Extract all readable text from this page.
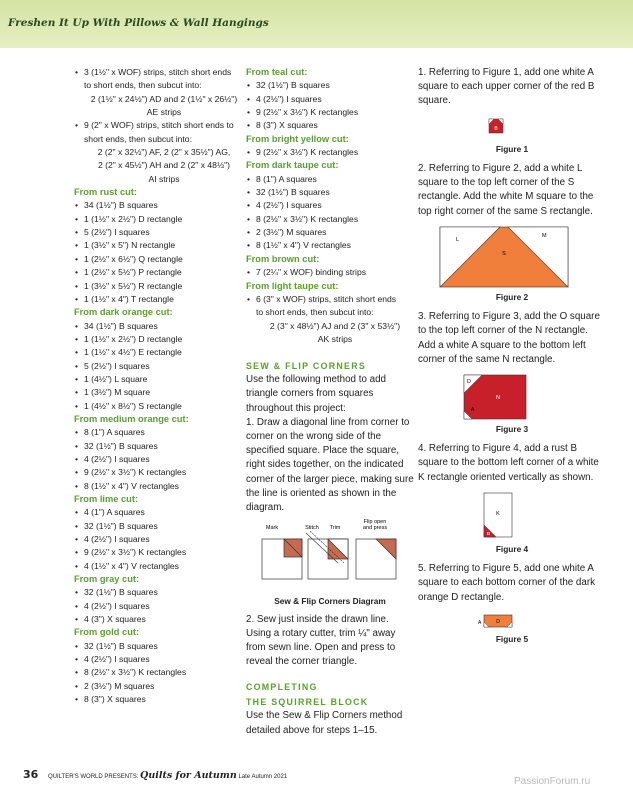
Freshen It Up With Pillows & Wall Hangings
• 3 (1½" x WOF) strips, stitch short ends
to short ends, then subcut into:
2 (1½" x 24½") AD and 2 (1½" x 26½")
AE strips
• 9 (2" x WOF) strips, stitch short ends to
short ends, then subcut into:
2 (2" x 32½") AF, 2 (2" x 35½") AG,
2 (2" x 45½") AH and 2 (2" x 48½")
AI strips
From rust cut:
• 34 (1½") B squares
• 1 (1½" x 2½") D rectangle
• 5 (2½") I squares
• 1 (3½" x 5") N rectangle
• 1 (2½" x 6½") Q rectangle
• 1 (2½" x 5½") P rectangle
• 1 (3½" x 5½") R rectangle
• 1 (1½" x 4") T rectangle
From dark orange cut:
• 34 (1½") B squares
• 1 (1½" x 2½") D rectangle
• 1 (1½" x 4½") E rectangle
• 5 (2½") I squares
• 1 (4½") L square
• 1 (3½") M square
• 1 (4½" x 8½") S rectangle
From medium orange cut:
• 8 (1") A squares
• 32 (1½") B squares
• 4 (2½") I squares
• 9 (2½" x 3½") K rectangles
• 8 (1½" x 4") V rectangles
From lime cut:
• 4 (1") A squares
• 32 (1½") B squares
• 4 (2½") I squares
• 9 (2½" x 3½") K rectangles
• 4 (1½" x 4") V rectangles
From gray cut:
• 32 (1½") B squares
• 4 (2½") I squares
• 4 (3") X squares
From gold cut:
• 32 (1½") B squares
• 4 (2½") I squares
• 8 (2½" x 3½") K rectangles
• 2 (3½") M squares
• 8 (3") X squares
From teal cut:
• 32 (1½") B squares
• 4 (2½") I squares
• 9 (2½" x 3½") K rectangles
• 8 (3") X squares
From bright yellow cut:
• 9 (2½" x 3½") K rectangles
From dark taupe cut:
• 8 (1") A squares
• 32 (1½") B squares
• 4 (2½") I squares
• 8 (2½" x 3½") K rectangles
• 2 (3½") M squares
• 8 (1½" x 4") V rectangles
From brown cut:
• 7 (2¼" x WOF) binding strips
From light taupe cut:
• 6 (3" x WOF) strips, stitch short ends
to short ends, then subcut into:
2 (3" x 48½") AJ and 2 (3" x 53½")
AK strips
SEW & FLIP CORNERS
Use the following method to add triangle corners from squares throughout this project:
1. Draw a diagonal line from corner to corner on the wrong side of the specified square. Place the square, right sides together, on the indicated corner of the larger piece, making sure the line is oriented as shown in the diagram.
Mark	Stitch Trim
Flip open
and press
Sew & Flip Corners Diagram
2. Sew just inside the drawn line. Using a rotary cutter, trim ¼" away from sewn line. Open and press to reveal the corner triangle.
COMPLETING
THE SQUIRREL BLOCK
Use the Sew & Flip Corners method detailed above for steps 1–15.
1. Referring to Figure 1, add one white A square to each upper corner of the red B square.
B
Figure 1
2. Referring to Figure 2, add a white L square to the top left corner of the S rectangle. Add the white M square to the top right corner of the same S rectangle.
L
M
S
Figure 2
3. Referring to Figure 3, add the O square to the top left corner of the N rectangle. Add a white A square to the bottom left corner of the same N rectangle.
D
N
A
Figure 3
4. Referring to Figure 4, add a rust B square to the bottom left corner of a white K rectangle oriented vertically as shown.
K
B
Figure 4
5. Referring to Figure 5, add one white A square to each bottom corner of the dark orange D rectangle.
A	D
Figure 5
36 QUILTER'S WORLD PRESENTS: Quilts for Autumn Late Autumn 2021	PassionForum.ru
